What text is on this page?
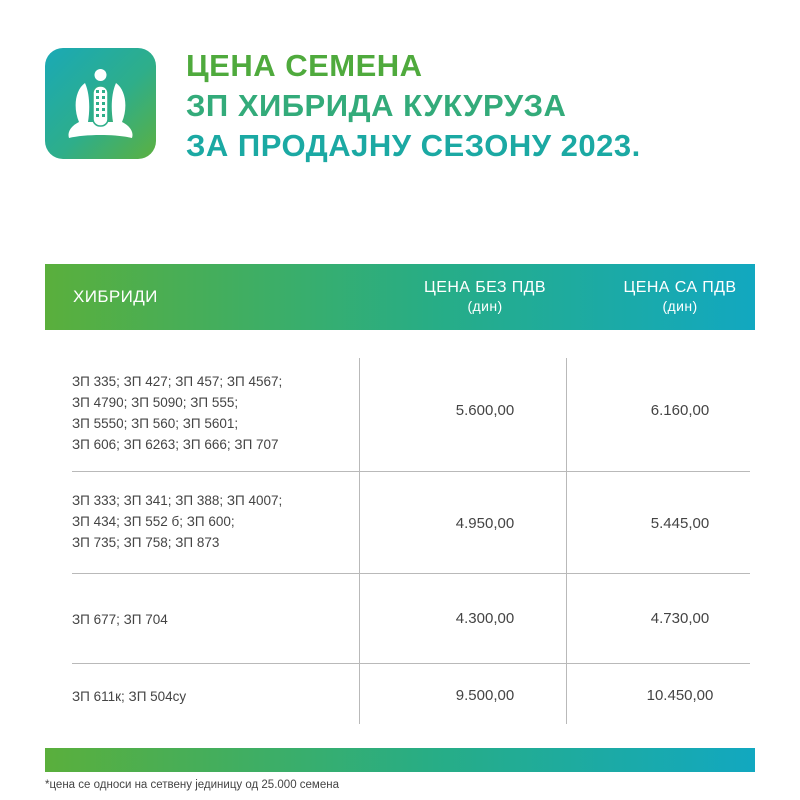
ЦЕНА СЕМЕНА
ЗП ХИБРИДА КУКУРУЗА
ЗА ПРОДАЈНУ СЕЗОНУ 2023.
ХИБРИДИ	ЦЕНА БЕЗ ПДВ
(дин)
ЦЕНА СА ПДВ
(дин)
ЗП 335; ЗП 427; ЗП 457; ЗП 4567;
ЗП 4790; ЗП 5090; ЗП 555;
ЗП 5550; ЗП 560; ЗП 5601;
ЗП 606; ЗП 6263; ЗП 666; ЗП 707
5.600,00	6.160,00
ЗП 333; ЗП 341; ЗП 388; ЗП 4007;
ЗП 434; ЗП 552 б; ЗП 600;
ЗП 735; ЗП 758; ЗП 873
4.950,00	5.445,00
ЗП 677; ЗП 704	4.300,00	4.730,00
ЗП 611к; ЗП 504су	9.500,00	10.450,00
*цена се односи на сетвену јединицу од 25.000 семена
